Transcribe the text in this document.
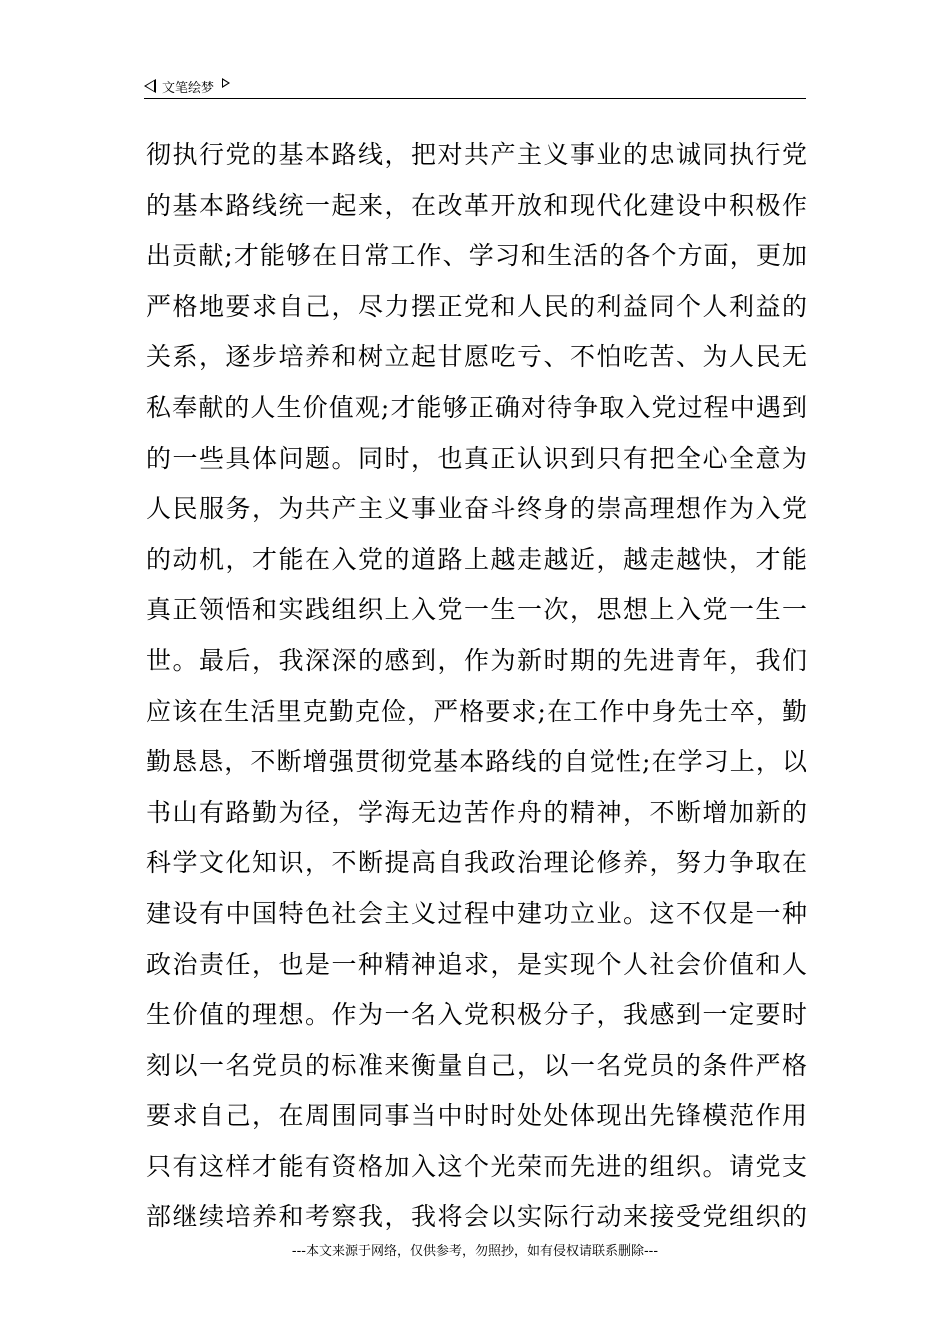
文笔绘梦
彻执行党的基本路线，把对共产主义事业的忠诚同执行党
的基本路线统一起来，在改革开放和现代化建设中积极作
出贡献;才能够在日常工作、学习和生活的各个方面，更加
严格地要求自己，尽力摆正党和人民的利益同个人利益的
关系，逐步培养和树立起甘愿吃亏、不怕吃苦、为人民无
私奉献的人生价值观;才能够正确对待争取入党过程中遇到
的一些具体问题。同时，也真正认识到只有把全心全意为
人民服务，为共产主义事业奋斗终身的崇高理想作为入党
的动机，才能在入党的道路上越走越近，越走越快，才能
真正领悟和实践组织上入党一生一次，思想上入党一生一
世。最后，我深深的感到，作为新时期的先进青年，我们
应该在生活里克勤克俭，严格要求;在工作中身先士卒，勤
勤恳恳，不断增强贯彻党基本路线的自觉性;在学习上，以
书山有路勤为径，学海无边苦作舟的精神，不断增加新的
科学文化知识，不断提高自我政治理论修养，努力争取在
建设有中国特色社会主义过程中建功立业。这不仅是一种
政治责任，也是一种精神追求，是实现个人社会价值和人
生价值的理想。作为一名入党积极分子，我感到一定要时
刻以一名党员的标准来衡量自己，以一名党员的条件严格
要求自己，在周围同事当中时时处处体现出先锋模范作用
只有这样才能有资格加入这个光荣而先进的组织。请党支
部继续培养和考察我，我将会以实际行动来接受党组织的
---本文来源于网络，仅供参考，勿照抄，如有侵权请联系删除---
